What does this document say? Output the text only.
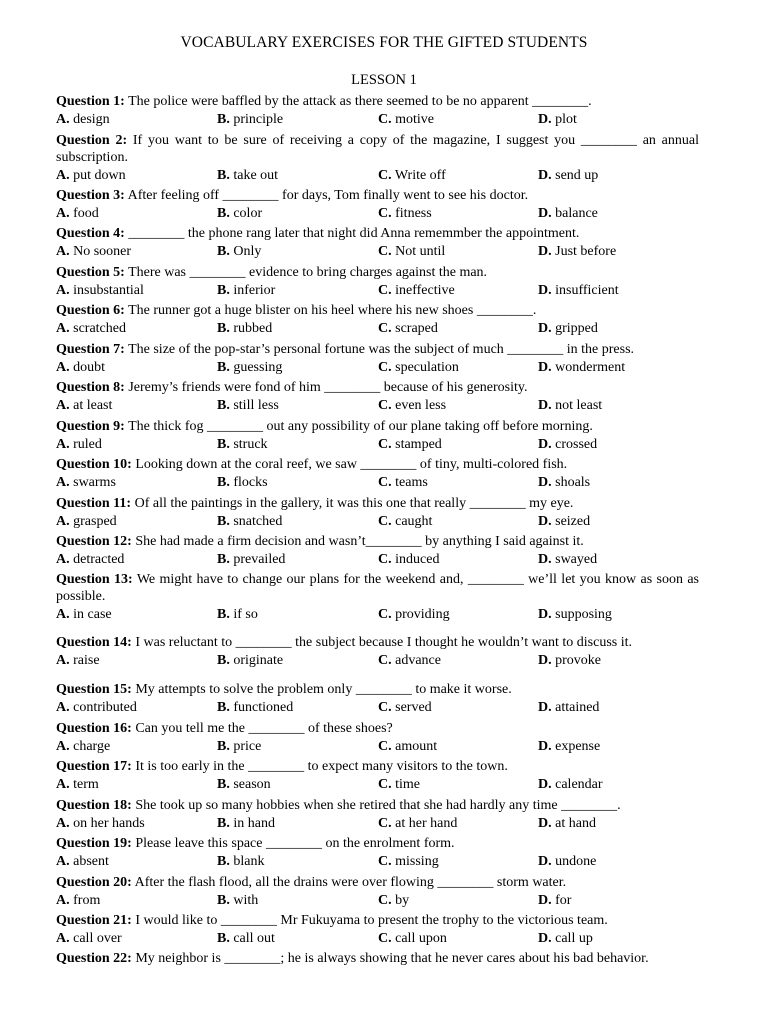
VOCABULARY EXERCISES FOR THE GIFTED STUDENTS
LESSON 1
Question 1: The police were baffled by the attack as there seemed to be no apparent ________.
A. design	B. principle	C. motive	D. plot
Question 2: If you want to be sure of receiving a copy of the magazine, I suggest you ________ an annual subscription.
A. put down	B. take out	C. Write off	D. send up
Question 3: After feeling off ________ for days, Tom finally went to see his doctor.
A. food	B. color	C. fitness	D. balance
Question 4: ________ the phone rang later that night did Anna rememmber the appointment.
A. No sooner	B. Only	C. Not until	D. Just before
Question 5: There was ________ evidence to bring charges against the man.
A. insubstantial	B. inferior	C. ineffective	D. insufficient
Question 6: The runner got a huge blister on his heel where his new shoes ________.
A. scratched	B. rubbed	C. scraped	D. gripped
Question 7: The size of the pop-star’s personal fortune was the subject of much ________ in the press.
A. doubt	B. guessing	C. speculation	D. wonderment
Question 8: Jeremy’s friends were fond of him ________ because of his generosity.
A. at least	B. still less	C. even less	D. not least
Question 9: The thick fog ________ out any possibility of our plane taking off before morning.
A. ruled	B. struck	C. stamped	D. crossed
Question 10: Looking down at the coral reef, we saw ________ of tiny, multi-colored fish.
A. swarms	B. flocks	C. teams	D. shoals
Question 11: Of all the paintings in the gallery, it was this one that really ________ my eye.
A. grasped	B. snatched	C. caught	D. seized
Question 12: She had made a firm decision and wasn’t________ by anything I said against it.
A. detracted	B. prevailed	C. induced	D. swayed
Question 13: We might have to change our plans for the weekend and, ________ we’ll let you know as soon as possible.
A. in case	B. if so	C. providing	D. supposing
Question 14: I was reluctant to ________ the subject because I thought he wouldn’t want to discuss it.
A. raise	B. originate	C. advance	D. provoke
Question 15: My attempts to solve the problem only ________ to make it worse.
A. contributed	B. functioned	C. served	D. attained
Question 16: Can you tell me the ________ of these shoes?
A. charge	B. price	C. amount	D. expense
Question 17: It is too early in the ________ to expect many visitors to the town.
A. term	B. season	C. time	D. calendar
Question 18: She took up so many hobbies when she retired that she had hardly any time ________.
A. on her hands	B. in hand	C. at her hand	D. at hand
Question 19: Please leave this space ________ on the enrolment form.
A. absent	B. blank	C. missing	D. undone
Question 20: After the flash flood, all the drains were over flowing ________ storm water.
A. from	B. with	C. by	D. for
Question 21: I would like to ________ Mr Fukuyama to present the trophy to the victorious team.
A. call over	B. call out	C. call upon	D. call up
Question 22: My neighbor is ________; he is always showing that he never cares about his bad behavior.
